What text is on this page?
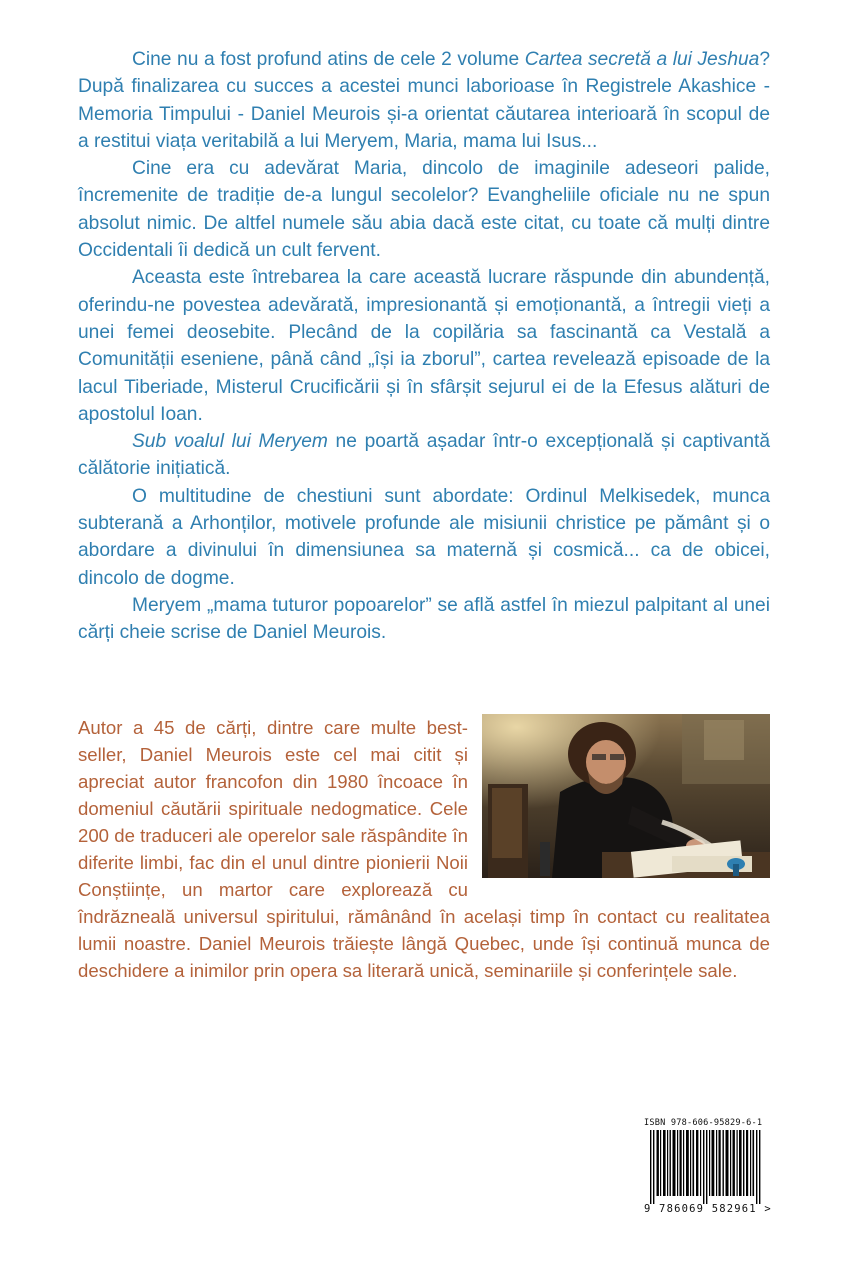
Cine nu a fost profund atins de cele 2 volume Cartea secretă a lui Jeshua? După finalizarea cu succes a acestei munci laborioase în Registrele Akashice - Memoria Timpului - Daniel Meurois și-a orientat căutarea interioară în scopul de a restitui viața veritabilă a lui Meryem, Maria, mama lui Isus...

Cine era cu adevărat Maria, dincolo de imaginile adeseori palide, încremenite de tradiție de-a lungul secolelor? Evangheliile oficiale nu ne spun absolut nimic. De altfel numele său abia dacă este citat, cu toate că mulți dintre Occidentali îi dedică un cult fervent.

Aceasta este întrebarea la care această lucrare răspunde din abundență, oferindu-ne povestea adevărată, impresionantă și emoționantă, a întregii vieți a unei femei deosebite. Plecând de la copilăria sa fascinantă ca Vestală a Comunității eseniene, până când „își ia zborul”, cartea revelează episoade de la lacul Tiberiade, Misterul Crucificării și în sfârșit sejurul ei de la Efesus alături de apostolul Ioan.

Sub voalul lui Meryem ne poartă așadar într-o excepțională și captivantă călătorie inițiatică.

O multitudine de chestiuni sunt abordate: Ordinul Melkisedek, munca subterană a Arhonților, motivele profunde ale misiunii christice pe pământ și o abordare a divinului în dimensiunea sa maternă și cosmică... ca de obicei, dincolo de dogme.

Meryem „mama tuturor popoarelor” se află astfel în miezul palpitant al unei cărți cheie scrise de Daniel Meurois.

Autor a 45 de cărți, dintre care multe best-seller, Daniel Meurois este cel mai citit și apreciat autor francofon din 1980 încoace în domeniul căutării spirituale nedogmatice. Cele 200 de traduceri ale operelor sale răspândite în diferite limbi, fac din el unul dintre pionierii Noii Conștiințe, un martor care explorează cu îndrăzneală universul spiritului, rămânând în același timp în contact cu realitatea lumii noastre. Daniel Meurois trăiește lângă Quebec, unde își continuă munca de deschidere a inimilor prin opera sa literară unică, seminariile și conferințele sale.

ISBN 978-606-95829-6-1
9 786069 582961 >
